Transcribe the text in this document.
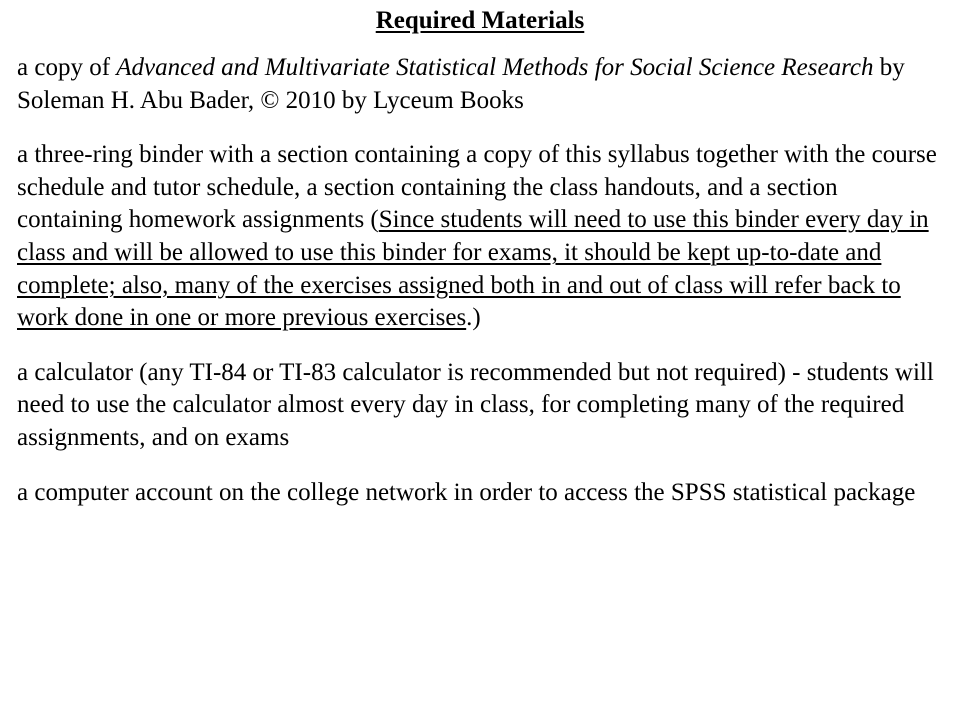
Required Materials

a copy of Advanced and Multivariate Statistical Methods for Social Science Research by Soleman H. Abu Bader, © 2010 by Lyceum Books

a three-ring binder with a section containing a copy of this syllabus together with the course schedule and tutor schedule, a section containing the class handouts, and a section containing homework assignments (Since students will need to use this binder every day in class and will be allowed to use this binder for exams, it should be kept up-to-date and complete; also, many of the exercises assigned both in and out of class will refer back to work done in one or more previous exercises.)

a calculator (any TI-84 or TI-83 calculator is recommended but not required) - students will need to use the calculator almost every day in class, for completing many of the required assignments, and on exams

a computer account on the college network in order to access the SPSS statistical package
